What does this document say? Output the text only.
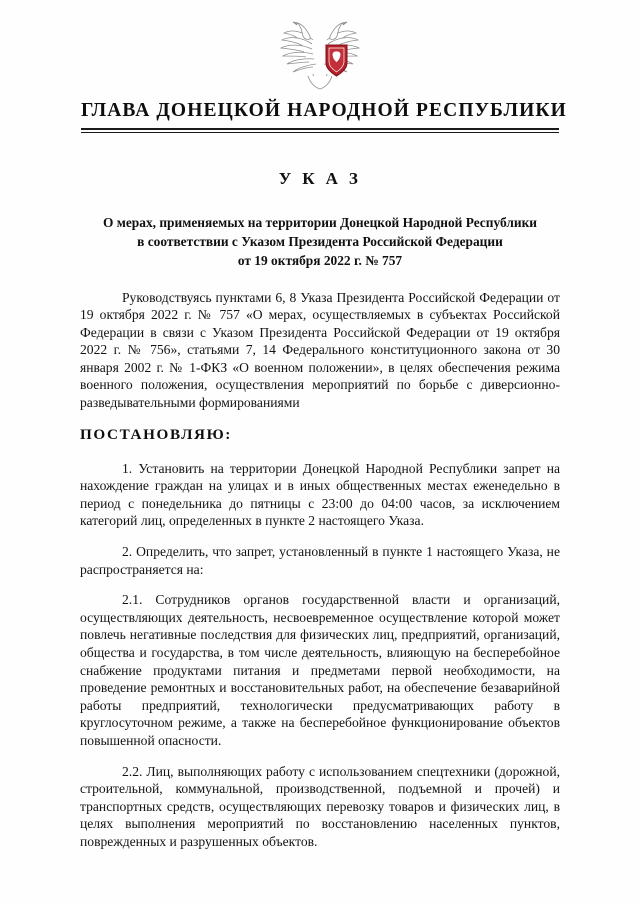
ГЛАВА ДОНЕЦКОЙ НАРОДНОЙ РЕСПУБЛИКИ
У К А З
О мерах, применяемых на территории Донецкой Народной Республики
в соответствии с Указом Президента Российской Федерации
от 19 октября 2022 г. № 757

Руководствуясь пунктами 6, 8 Указа Президента Российской Федерации от 19 октября 2022 г. № 757 «О мерах, осуществляемых в субъектах Российской Федерации в связи с Указом Президента Российской Федерации от 19 октября 2022 г. № 756», статьями 7, 14 Федерального конституционного закона от 30 января 2002 г. № 1-ФКЗ «О военном положении», в целях обеспечения режима военного положения, осуществления мероприятий по борьбе с диверсионно-разведывательными формированиями

ПОСТАНОВЛЯЮ:

1. Установить на территории Донецкой Народной Республики запрет на нахождение граждан на улицах и в иных общественных местах еженедельно в период с понедельника до пятницы с 23:00 до 04:00 часов, за исключением категорий лиц, определенных в пункте 2 настоящего Указа.

2. Определить, что запрет, установленный в пункте 1 настоящего Указа, не распространяется на:

2.1. Сотрудников органов государственной власти и организаций, осуществляющих деятельность, несвоевременное осуществление которой может повлечь негативные последствия для физических лиц, предприятий, организаций, общества и государства, в том числе деятельность, влияющую на бесперебойное снабжение продуктами питания и предметами первой необходимости, на проведение ремонтных и восстановительных работ, на обеспечение безаварийной работы предприятий, технологически предусматривающих работу в круглосуточном режиме, а также на бесперебойное функционирование объектов повышенной опасности.

2.2. Лиц, выполняющих работу с использованием спецтехники (дорожной, строительной, коммунальной, производственной, подъемной и прочей) и транспортных средств, осуществляющих перевозку товаров и физических лиц, в целях выполнения мероприятий по восстановлению населенных пунктов, поврежденных и разрушенных объектов.
